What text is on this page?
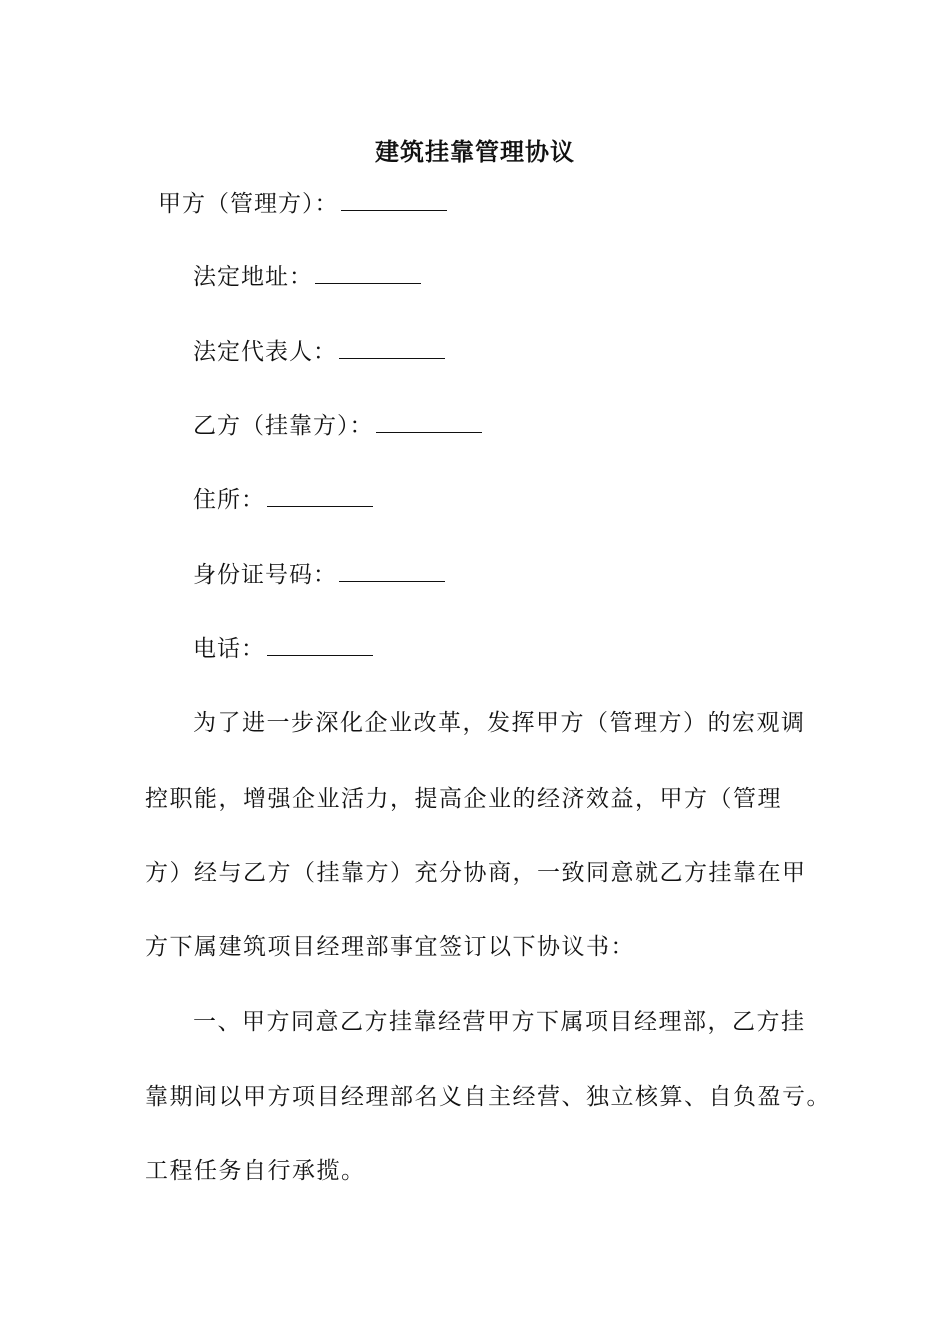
建筑挂靠管理协议
甲方（管理方）：
法定地址：
法定代表人：
乙方（挂靠方）：
住所：
身份证号码：
电话：
为了进一步深化企业改革，发挥甲方（管理方）的宏观调
控职能，增强企业活力，提高企业的经济效益，甲方（管理
方）经与乙方（挂靠方）充分协商，一致同意就乙方挂靠在甲
方下属建筑项目经理部事宜签订以下协议书：
一、甲方同意乙方挂靠经营甲方下属项目经理部，乙方挂
靠期间以甲方项目经理部名义自主经营、独立核算、自负盈亏。
工程任务自行承揽。
